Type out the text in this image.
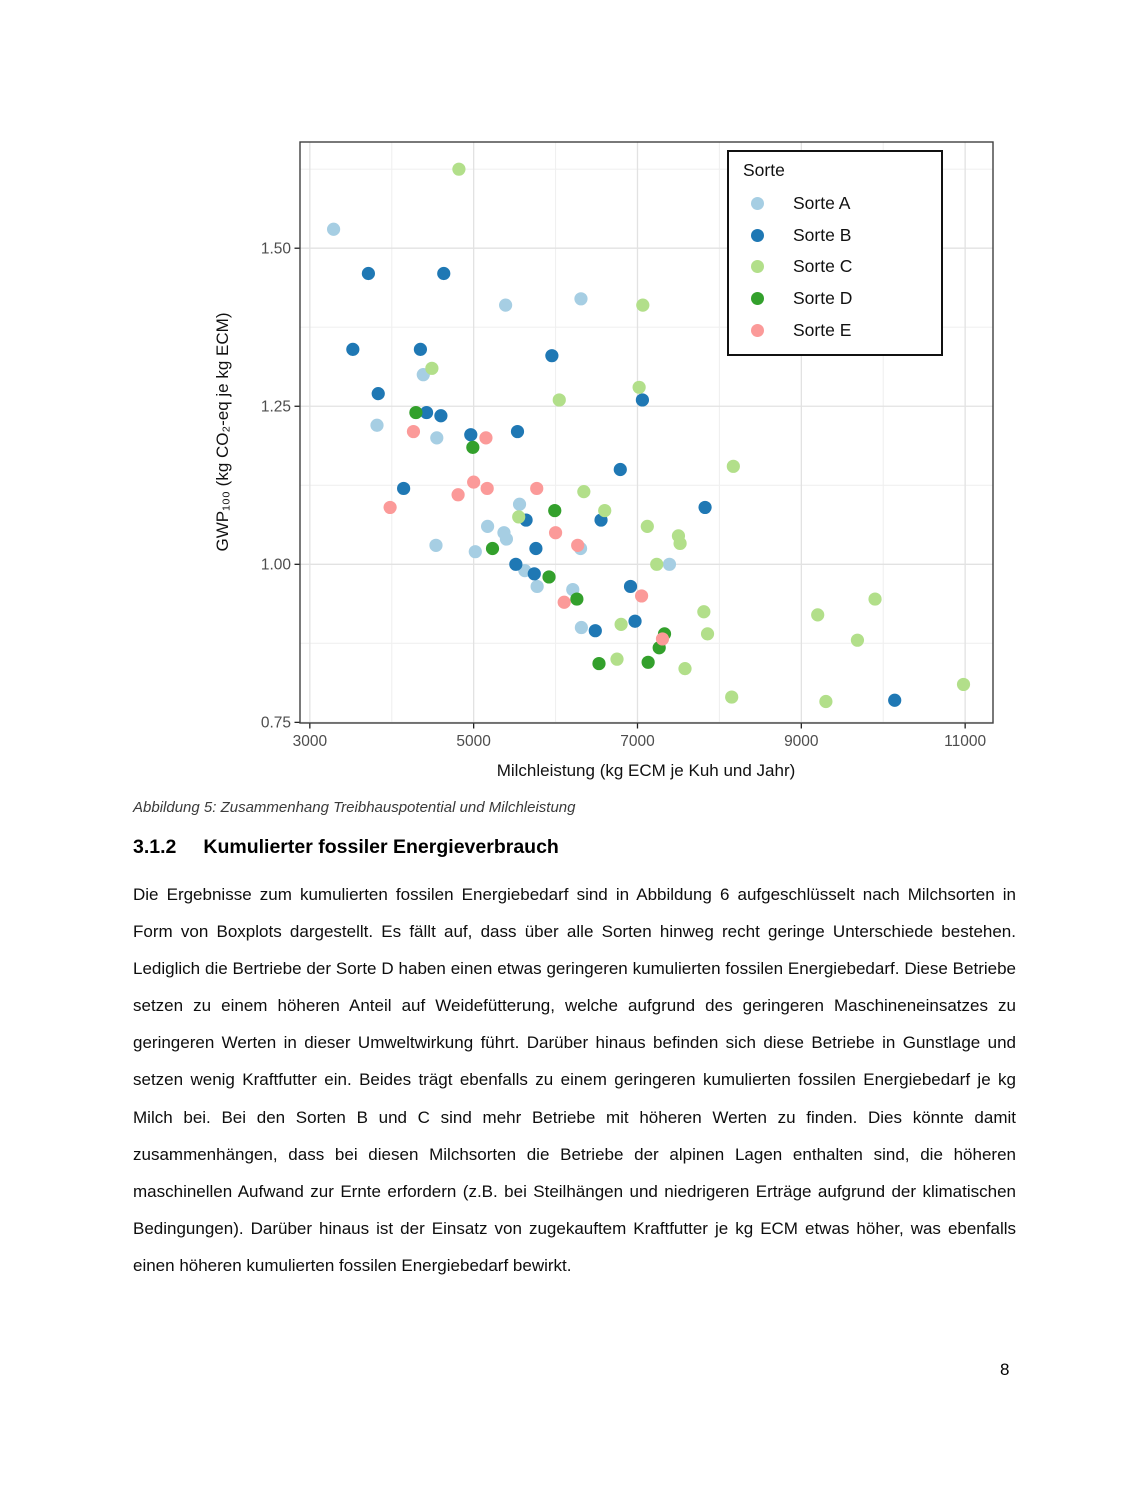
3000	5000	7000	9000	11000
0.75
1.00
1.25
1.50
GWP₁₀₀ (kg CO₂-eq je kg ECM)
Milchleistung (kg ECM je Kuh und Jahr)
Sorte
Sorte A
Sorte B
Sorte C
Sorte D
Sorte E
Abbildung 5: Zusammenhang Treibhauspotential und Milchleistung
3.1.2 Kumulierter fossiler Energieverbrauch
Die Ergebnisse zum kumulierten fossilen Energiebedarf sind in Abbildung 6 aufgeschlüsselt nach Milchsorten in Form von Boxplots dargestellt. Es fällt auf, dass über alle Sorten hinweg recht geringe Unterschiede bestehen. Lediglich die Bertriebe der Sorte D haben einen etwas geringeren kumulierten fossilen Energiebedarf. Diese Betriebe setzen zu einem höheren Anteil auf Weidefütterung, welche aufgrund des geringeren Maschineneinsatzes zu geringeren Werten in dieser Umweltwirkung führt. Darüber hinaus befinden sich diese Betriebe in Gunstlage und setzen wenig Kraftfutter ein. Beides trägt ebenfalls zu einem geringeren kumulierten fossilen Energiebedarf je kg Milch bei. Bei den Sorten B und C sind mehr Betriebe mit höheren Werten zu finden. Dies könnte damit zusammenhängen, dass bei diesen Milchsorten die Betriebe der alpinen Lagen enthalten sind, die höheren maschinellen Aufwand zur Ernte erfordern (z.B. bei Steilhängen und niedrigeren Erträge aufgrund der klimatischen Bedingungen). Darüber hinaus ist der Einsatz von zugekauftem Kraftfutter je kg ECM etwas höher, was ebenfalls einen höheren kumulierten fossilen Energiebedarf bewirkt.
8
